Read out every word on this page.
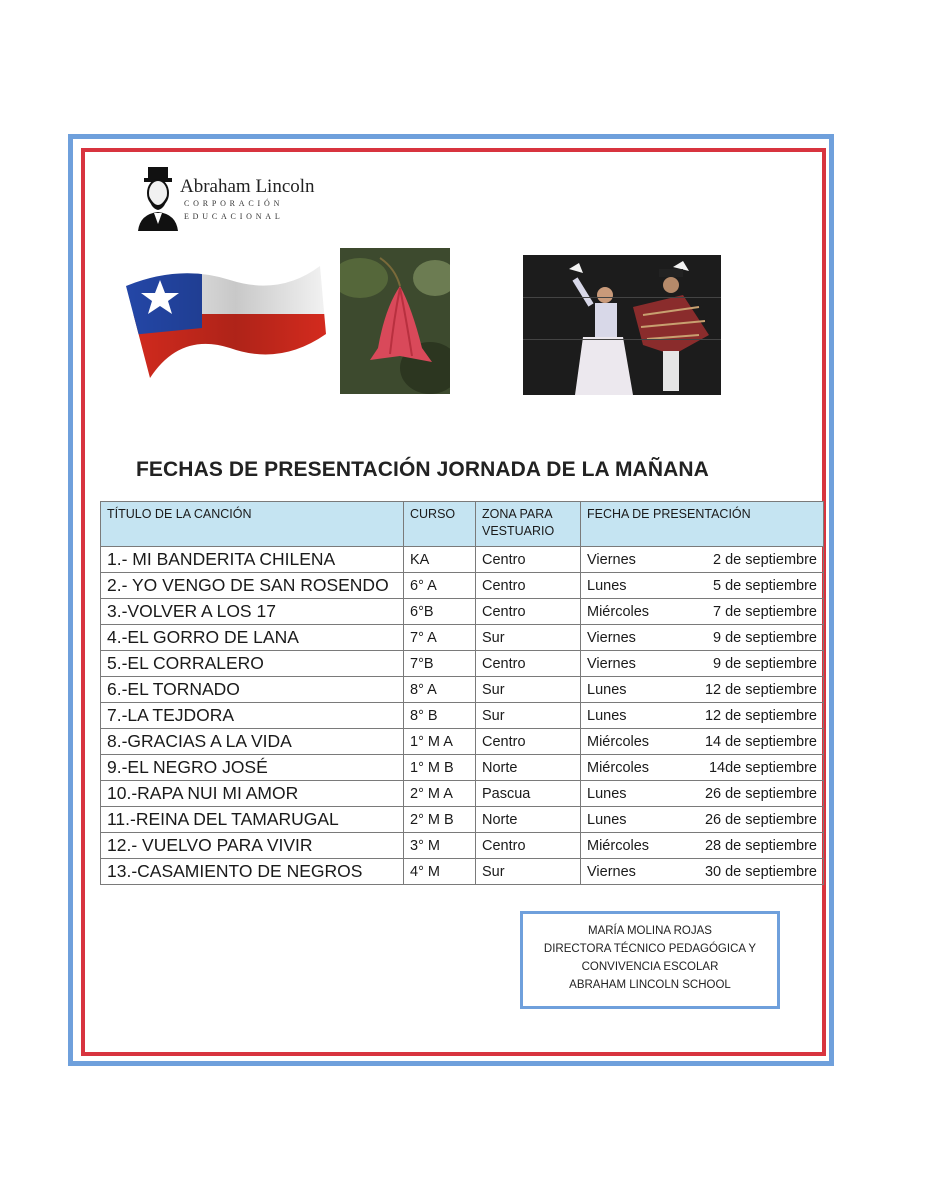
Abraham Lincoln
CORPORACIÓN
EDUCACIONAL
FECHAS DE PRESENTACIÓN JORNADA DE LA MAÑANA
TÍTULO DE LA CANCIÓN	CURSO	ZONA PARA VESTUARIO	FECHA DE PRESENTACIÓN
1.- MI BANDERITA CHILENA	KA	Centro	Viernes 2 de septiembre

2.- YO VENGO DE SAN ROSENDO	6° A	Centro	Lunes 5 de septiembre

3.-VOLVER A LOS 17	6°B	Centro	Miércoles 7 de septiembre

4.-EL GORRO DE LANA	7° A	Sur	Viernes 9 de septiembre

5.-EL CORRALERO	7°B	Centro	Viernes 9 de septiembre

6.-EL TORNADO	8° A	Sur	Lunes 12 de septiembre

7.-LA TEJDORA	8° B	Sur	Lunes 12 de septiembre

8.-GRACIAS A LA VIDA	1° M A	Centro	Miércoles 14 de septiembre

9.-EL NEGRO JOSÉ	1° M B	Norte	Miércoles 14de septiembre

10.-RAPA NUI MI AMOR	2° M A	Pascua	Lunes 26 de septiembre

11.-REINA DEL TAMARUGAL	2° M B	Norte	Lunes 26 de septiembre

12.- VUELVO PARA VIVIR	3° M	Centro	Miércoles 28 de septiembre

13.-CASAMIENTO DE NEGROS	4° M	Sur	Viernes 30 de septiembre
MARÍA MOLINA ROJAS
DIRECTORA TÉCNICO PEDAGÓGICA Y
CONVIVENCIA ESCOLAR
ABRAHAM LINCOLN SCHOOL
